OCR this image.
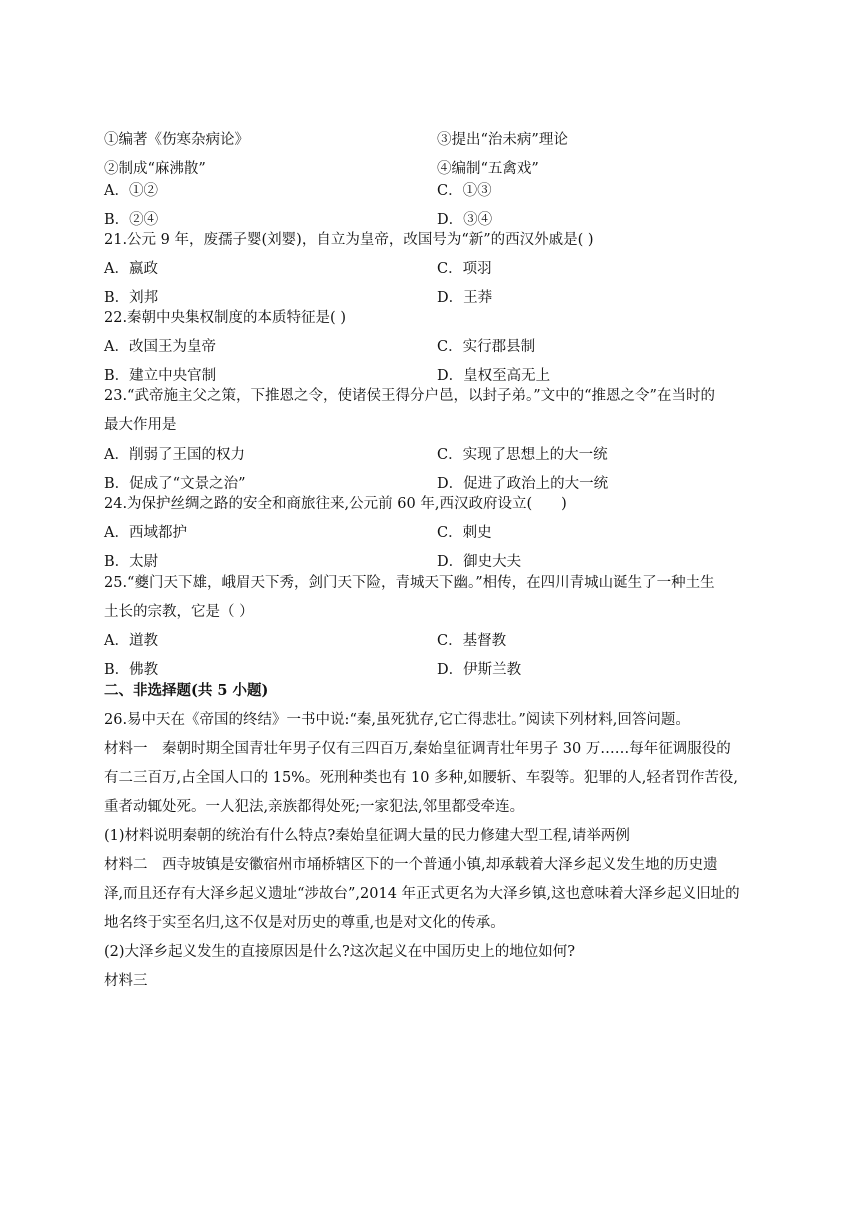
①编著《伤寒杂病论》	③提出“治未病”理论
②制成“麻沸散”	④编制“五禽戏”
A．①②	C．①③
B．②④	D．③④
21.公元 9 年，废孺子婴(刘婴)，自立为皇帝，改国号为“新”的西汉外戚是( )
A．嬴政	C．项羽
B．刘邦	D．王莽
22.秦朝中央集权制度的本质特征是( )
A．改国王为皇帝	C．实行郡县制
B．建立中央官制	D．皇权至高无上
23.“武帝施主父之策，下推恩之令，使诸侯王得分户邑，以封子弟。”文中的“推恩之令”在当时的
最大作用是
A．削弱了王国的权力	C．实现了思想上的大一统
B．促成了“文景之治”	D．促进了政治上的大一统
24.为保护丝绸之路的安全和商旅往来,公元前 60 年,西汉政府设立(　　)
A．西域都护	C．刺史
B．太尉	D．御史大夫
25.“夔门天下雄，峨眉天下秀，剑门天下险，青城天下幽。”相传，在四川青城山诞生了一种土生
土长的宗教，它是（ ）
A．道教	C．基督教
B．佛教	D．伊斯兰教
二、非选择题(共 5 小题)
26.易中天在《帝国的终结》一书中说:“秦,虽死犹存,它亡得悲壮。”阅读下列材料,回答问题。
材料一　秦朝时期全国青壮年男子仅有三四百万,秦始皇征调青壮年男子 30 万……每年征调服役的
有二三百万,占全国人口的 15%。死刑种类也有 10 多种,如腰斩、车裂等。犯罪的人,轻者罚作苦役,
重者动辄处死。一人犯法,亲族都得处死;一家犯法,邻里都受牵连。
(1)材料说明秦朝的统治有什么特点?秦始皇征调大量的民力修建大型工程,请举两例
材料二　西寺坡镇是安徽宿州市埇桥辖区下的一个普通小镇,却承载着大泽乡起义发生地的历史遗
泽,而且还存有大泽乡起义遗址“涉故台”,2014 年正式更名为大泽乡镇,这也意味着大泽乡起义旧址的
地名终于实至名归,这不仅是对历史的尊重,也是对文化的传承。
(2)大泽乡起义发生的直接原因是什么?这次起义在中国历史上的地位如何?
材料三
